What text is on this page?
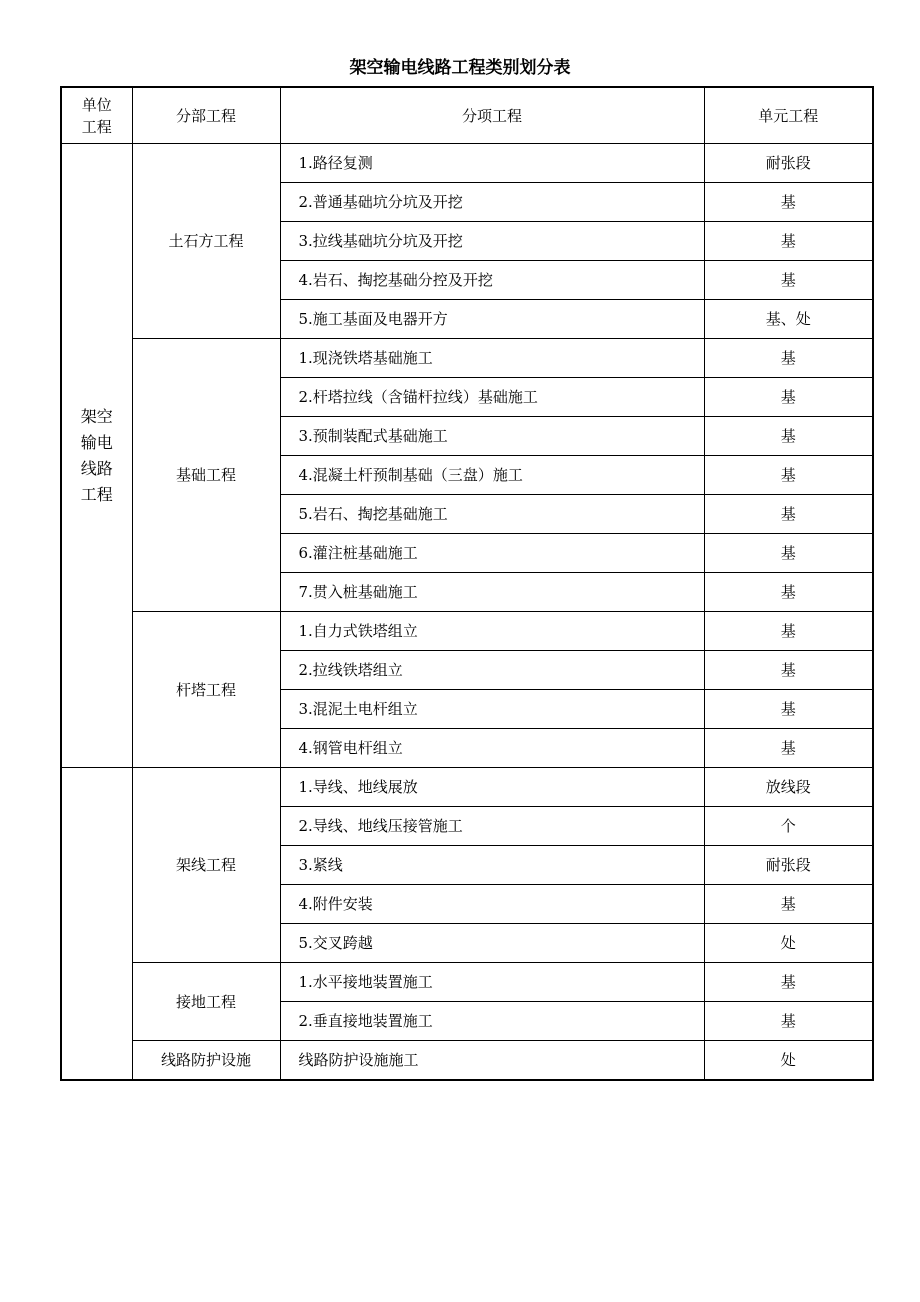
架空输电线路工程类别划分表
单位
工程	分部工程	分项工程	单元工程

架空
输电
线路
工程	土石方工程	1.路径复测	耐张段
		2.普通基础坑分坑及开挖	基
		3.拉线基础坑分坑及开挖	基
		4.岩石、掏挖基础分控及开挖	基
		5.施工基面及电器开方	基、处
	基础工程	1.现浇铁塔基础施工	基
		2.杆塔拉线（含锚杆拉线）基础施工	基
		3.预制装配式基础施工	基
		4.混凝土杆预制基础（三盘）施工	基
		5.岩石、掏挖基础施工	基
		6.灌注桩基础施工	基
		7.贯入桩基础施工	基
	杆塔工程	1.自力式铁塔组立	基
		2.拉线铁塔组立	基
		3.混泥土电杆组立	基
		4.钢管电杆组立	基
	架线工程	1.导线、地线展放	放线段
		2.导线、地线压接管施工	个
		3.紧线	耐张段
		4.附件安装	基
		5.交叉跨越	处
	接地工程	1.水平接地装置施工	基
		2.垂直接地装置施工	基
	线路防护设施	线路防护设施施工	处
